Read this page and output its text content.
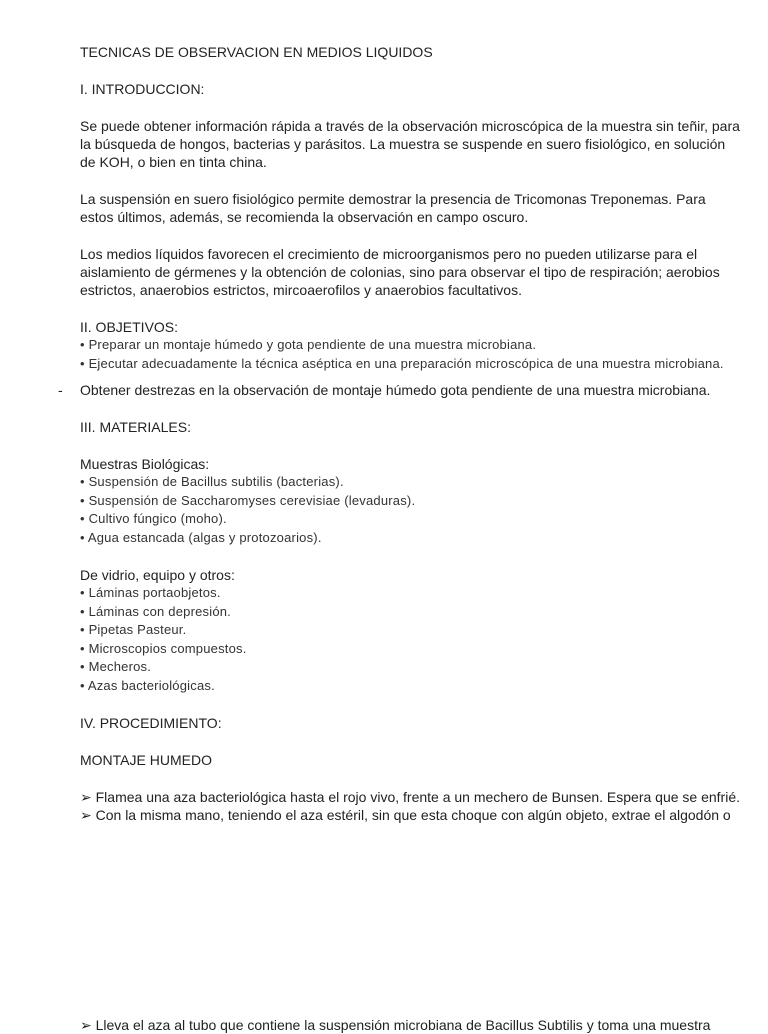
TECNICAS DE OBSERVACION EN MEDIOS LIQUIDOS

I. INTRODUCCION:

Se puede obtener información rápida a través de la observación microscópica de la muestra sin teñir, para la búsqueda de hongos, bacterias y parásitos. La muestra se suspende en suero fisiológico, en solución de KOH, o bien en tinta china.

La suspensión en suero fisiológico permite demostrar la presencia de Tricomonas Treponemas. Para estos últimos, además, se recomienda la observación en campo oscuro.

Los medios líquidos favorecen el crecimiento de microorganismos pero no pueden utilizarse para el aislamiento de gérmenes y la obtención de colonias, sino para observar el tipo de respiración; aerobios estrictos, anaerobios estrictos, mircoaerofilos y anaerobios facultativos.

II. OBJETIVOS:

• Preparar un montaje húmedo y gota pendiente de una muestra microbiana.
• Ejecutar adecuadamente la técnica aséptica en una preparación microscópica de una muestra microbiana.
- Obtener destrezas en la observación de montaje húmedo gota pendiente de una muestra microbiana.

III. MATERIALES:

Muestras Biológicas:

• Suspensión de Bacillus subtilis (bacterias).
• Suspensión de Saccharomyses cerevisiae (levaduras).
• Cultivo fúngico (moho).
• Agua estancada (algas y protozoarios).

De vidrio, equipo y otros:

• Láminas portaobjetos.
• Láminas con depresión.
• Pipetas Pasteur.
• Microscopios compuestos.
• Mecheros.
• Azas bacteriológicas.

IV. PROCEDIMIENTO:

MONTAJE HUMEDO

➢ Flamea una aza bacteriológica hasta el rojo vivo, frente a un mechero de Bunsen. Espera que se enfrié.

➢ Con la misma mano, teniendo el aza estéril, sin que esta choque con algún objeto, extrae el algodón o

➢ Lleva el aza al tubo que contiene la suspensión microbiana de Bacillus Subtilis y toma una muestra
